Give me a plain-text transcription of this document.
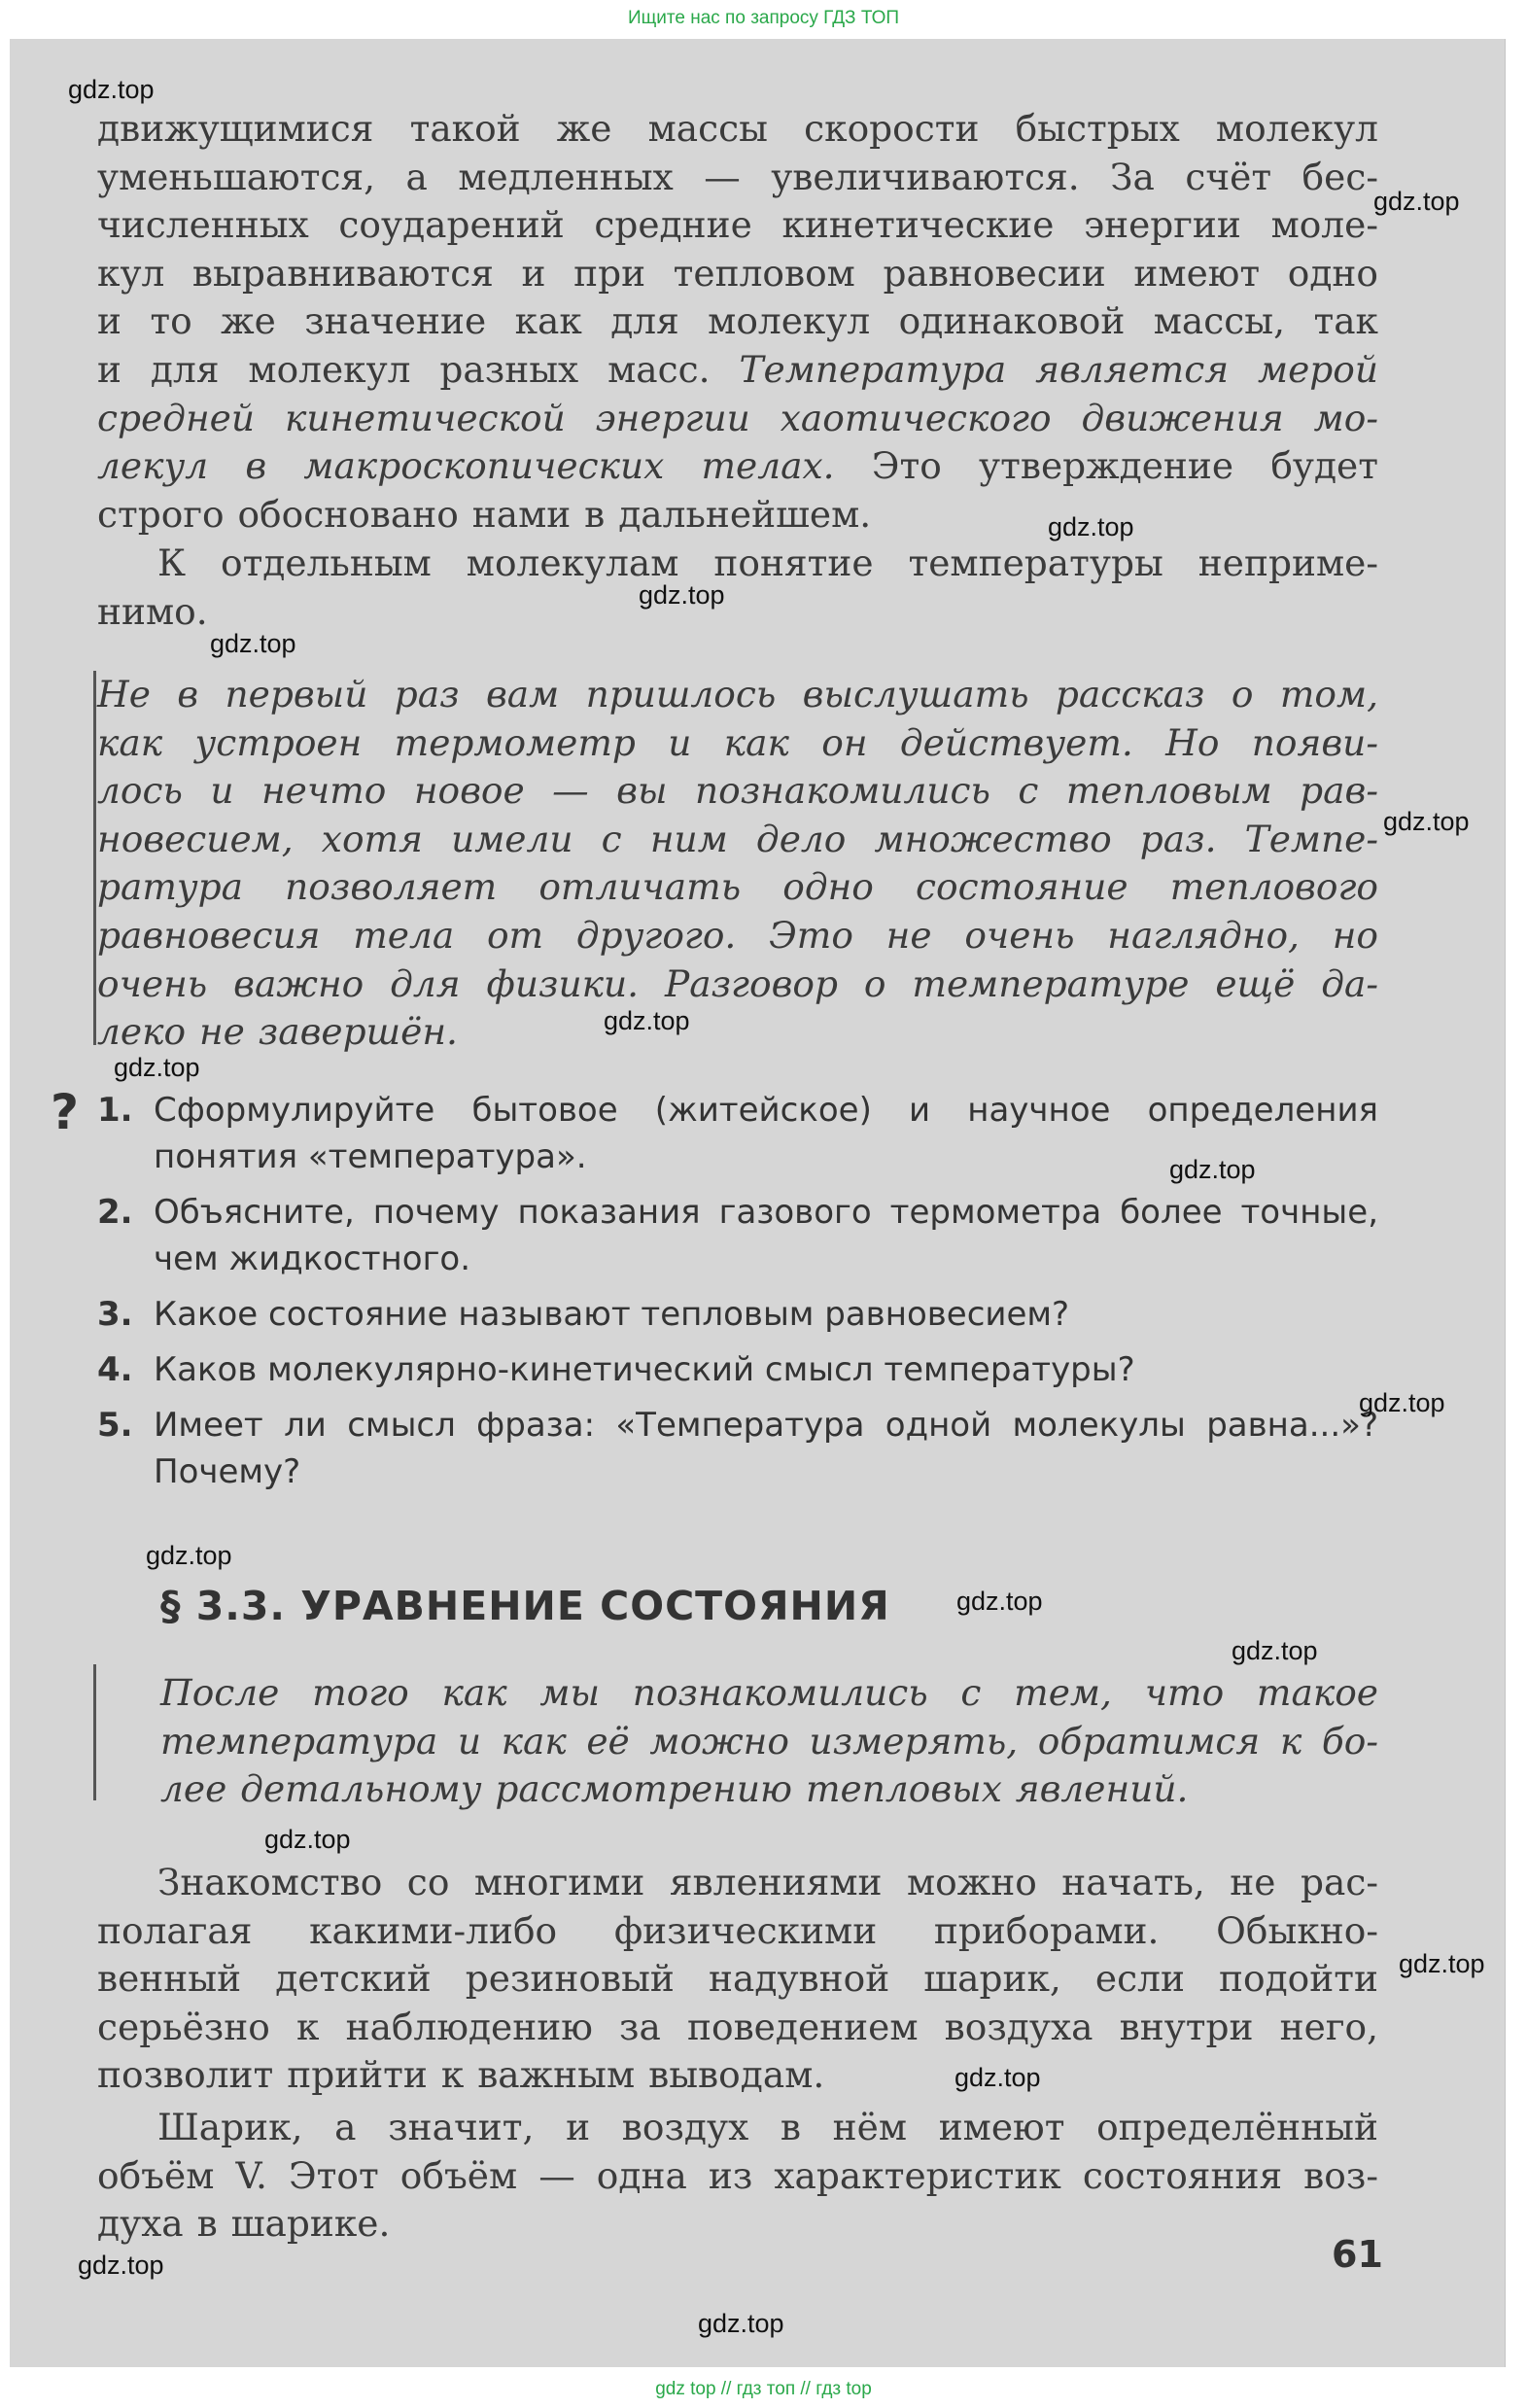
Ищите нас по запросу ГДЗ ТОП
движущимися такой же массы скорости быстрых молекул
уменьшаются, а медленных — увеличиваются. За счёт бес-
численных соударений средние кинетические энергии моле-
кул выравниваются и при тепловом равновесии имеют одно
и то же значение как для молекул одинаковой массы, так
и для молекул разных масс. Температура является мерой
средней кинетической энергии хаотического движения мо-
лекул в макроскопических телах. Это утверждение будет
строго обосновано нами в дальнейшем.
К отдельным молекулам понятие температуры неприме-
нимо.
Не в первый раз вам пришлось выслушать рассказ о том,
как устроен термометр и как он действует. Но появи-
лось и нечто новое — вы познакомились с тепловым рав-
новесием, хотя имели с ним дело множество раз. Темпе-
ратура позволяет отличать одно состояние теплового
равновесия тела от другого. Это не очень наглядно, но
очень важно для физики. Разговор о температуре ещё да-
леко не завершён.
? 1. Сформулируйте бытовое (житейское) и научное определения понятия «температура».
2. Объясните, почему показания газового термометра более точные, чем жидкостного.
3. Какое состояние называют тепловым равновесием?
4. Каков молекулярно-кинетический смысл температуры?
5. Имеет ли смысл фраза: «Температура одной молекулы равна...»? Почему?
§ 3.3. УРАВНЕНИЕ СОСТОЯНИЯ
После того как мы познакомились с тем, что такое
температура и как её можно измерять, обратимся к бо-
лее детальному рассмотрению тепловых явлений.
Знакомство со многими явлениями можно начать, не рас-
полагая какими-либо физическими приборами. Обыкно-
венный детский резиновый надувной шарик, если подойти
серьёзно к наблюдению за поведением воздуха внутри него,
позволит прийти к важным выводам.
Шарик, а значит, и воздух в нём имеют определённый
объём V. Этот объём — одна из характеристик состояния воз-
духа в шарике.
61
gdz.top
gdz.top
gdz.top
gdz.top
gdz.top
gdz.top
gdz.top
gdz.top
gdz.top
gdz.top
gdz.top
gdz.top
gdz.top
gdz.top
gdz.top
gdz.top
gdz.top
gdz.top
gdz top // гдз топ // гдз top
